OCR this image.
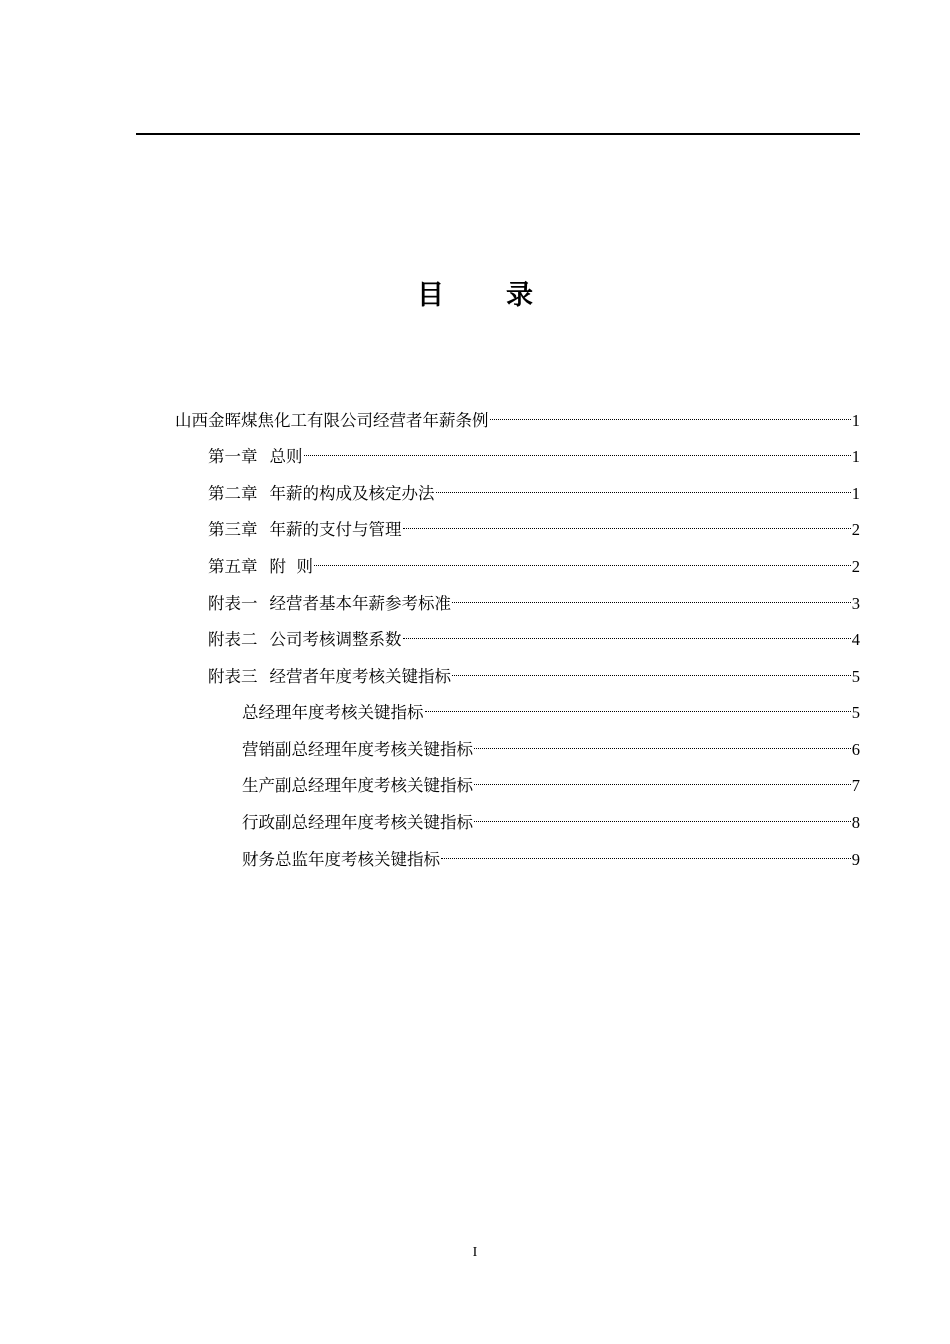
目 录
山西金晖煤焦化工有限公司经营者年薪条例	1
第一章 总则	1
第二章 年薪的构成及核定办法	1
第三章 年薪的支付与管理	2
第五章 附  则	2
附表一 经营者基本年薪参考标准	3
附表二 公司考核调整系数	4
附表三 经营者年度考核关键指标	5
总经理年度考核关键指标	5
营销副总经理年度考核关键指标	6
生产副总经理年度考核关键指标	7
行政副总经理年度考核关键指标	8
财务总监年度考核关键指标	9
I
